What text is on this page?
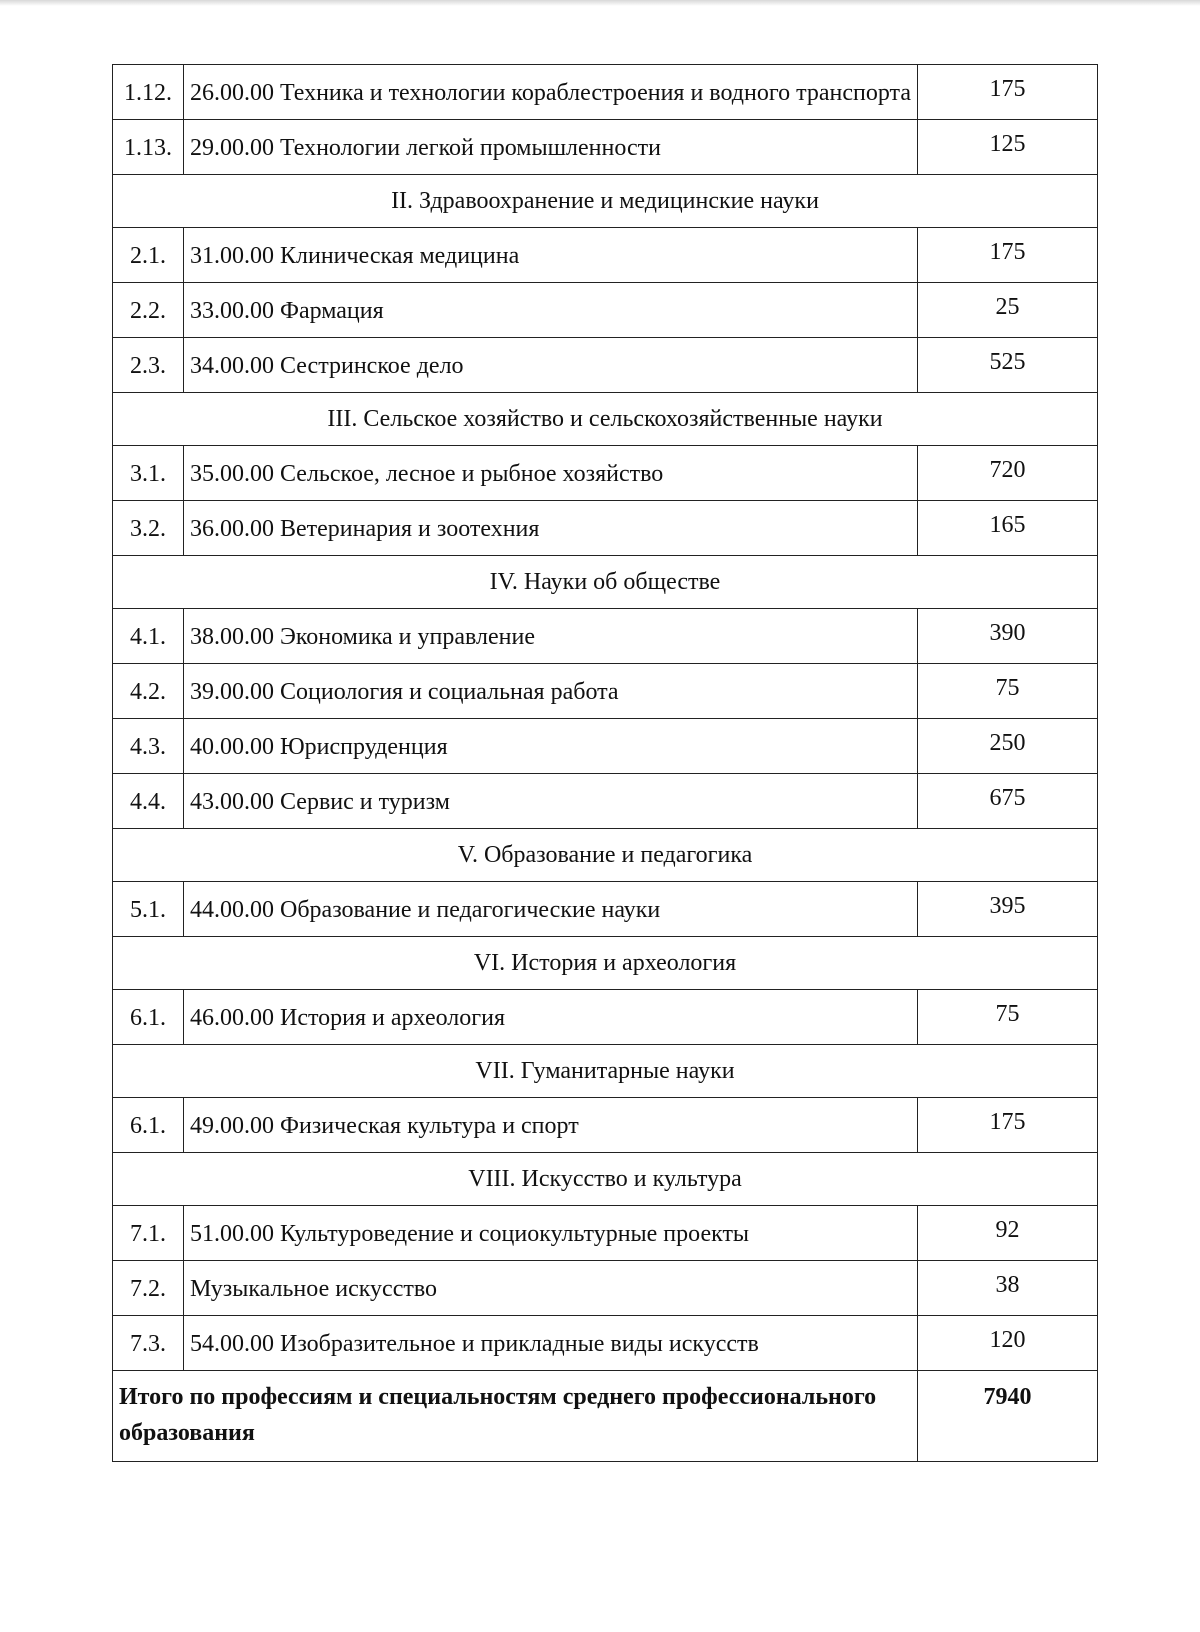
1.12.	26.00.00 Техника и технологии кораблестроения и водного транспорта	175
1.13.	29.00.00 Технологии легкой промышленности	125
II. Здравоохранение и медицинские науки		
2.1.	31.00.00 Клиническая медицина	175
2.2.	33.00.00 Фармация	25
2.3.	34.00.00 Сестринское дело	525
III. Сельское хозяйство и сельскохозяйственные науки		
3.1.	35.00.00 Сельское, лесное и рыбное хозяйство	720
3.2.	36.00.00 Ветеринария и зоотехния	165
IV. Науки об обществе		
4.1.	38.00.00 Экономика и управление	390
4.2.	39.00.00 Социология и социальная работа	75
4.3.	40.00.00 Юриспруденция	250
4.4.	43.00.00 Сервис и туризм	675
V. Образование и педагогика		
5.1.	44.00.00 Образование и педагогические науки	395
VI. История и археология		
6.1.	46.00.00 История и археология	75
VII. Гуманитарные науки		
6.1.	49.00.00 Физическая культура и спорт	175
VIII. Искусство и культура		
7.1.	51.00.00 Культуроведение и социокультурные проекты	92
7.2.	Музыкальное искусство	38
7.3.	54.00.00 Изобразительное и прикладные виды искусств	120
Итого по профессиям и специальностям среднего профессионального образования		7940
